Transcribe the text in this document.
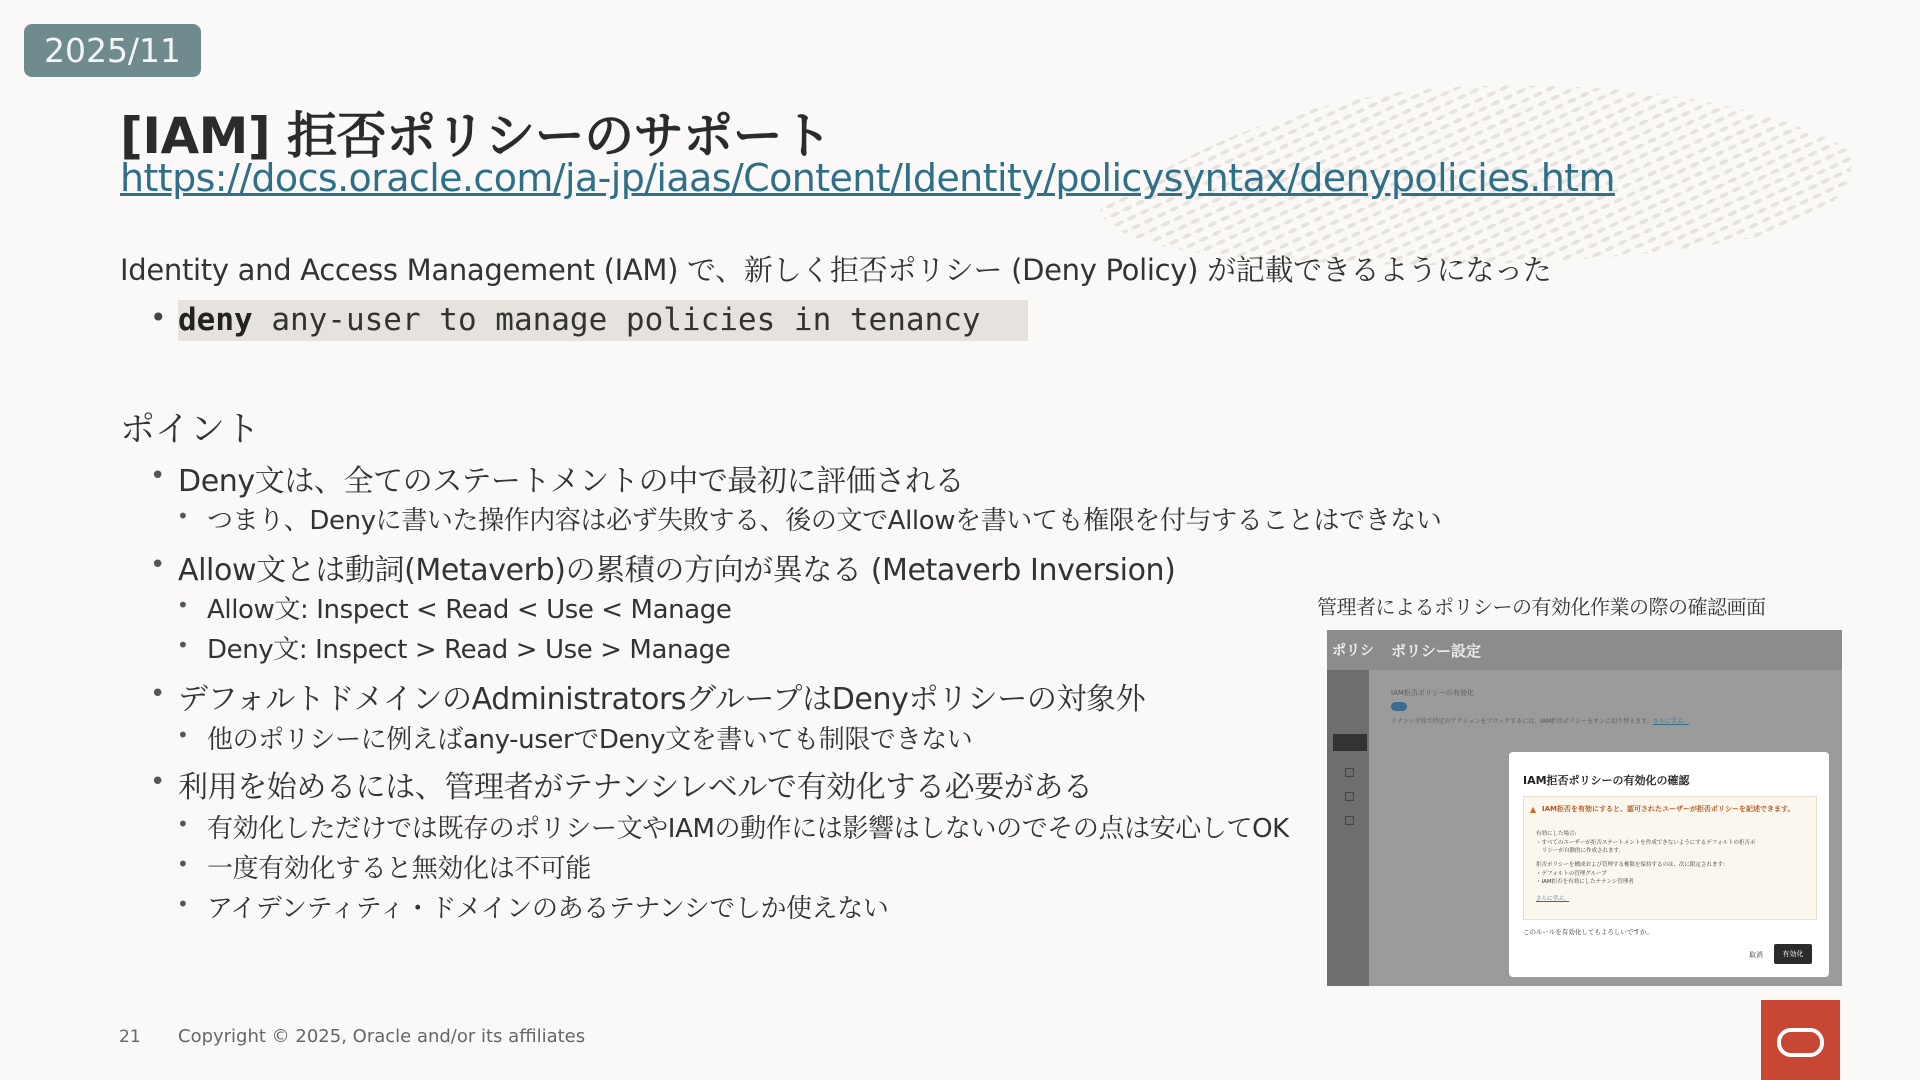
2025/11
[IAM] 拒否ポリシーのサポート
https://docs.oracle.com/ja-jp/iaas/Content/Identity/policysyntax/denypolicies.htm
Identity and Access Management (IAM) で、新しく拒否ポリシー (Deny Policy) が記載できるようになった
• deny any-user to manage policies in tenancy
ポイント
• Deny文は、全てのステートメントの中で最初に評価される
• つまり、Denyに書いた操作内容は必ず失敗する、後の文でAllowを書いても権限を付与することはできない
• Allow文とは動詞(Metaverb)の累積の方向が異なる (Metaverb Inversion)
• Allow文: Inspect < Read < Use < Manage
• Deny文: Inspect > Read > Use > Manage
• デフォルトドメインのAdministratorsグループはDenyポリシーの対象外
• 他のポリシーに例えばany-userでDeny文を書いても制限できない
• 利用を始めるには、管理者がテナンシレベルで有効化する必要がある
• 有効化しただけでは既存のポリシー文やIAMの動作には影響はしないのでその点は安心してOK
• 一度有効化すると無効化は不可能
• アイデンティティ・ドメインのあるテナンシでしか使えない
管理者によるポリシーの有効化作業の際の確認画面
ポリシ ポリシー設定
IAM拒否ポリシーの有効化
テナンシ全体で特定のアクションをブロックするには、IAM拒否ポリシーをオンに切り替えます。さらに学ぶ。
IAM拒否ポリシーの有効化の確認
▲ IAM拒否を有効にすると、認可されたユーザーが拒否ポリシーを記述できます。
有効にした場合:
・すべてのユーザーが拒否ステートメントを作成できないようにするデフォルトの拒否ポ
リシーが自動的に作成されます。
拒否ポリシーを構成および管理する権限を保持するのは、次に限定されます:
・デフォルトの管理グループ
・IAM拒否を有効にしたテナンシ管理者
さらに学ぶ。
このルールを有効化してもよろしいですか。
取消	有効化
21 Copyright © 2025, Oracle and/or its affiliates
